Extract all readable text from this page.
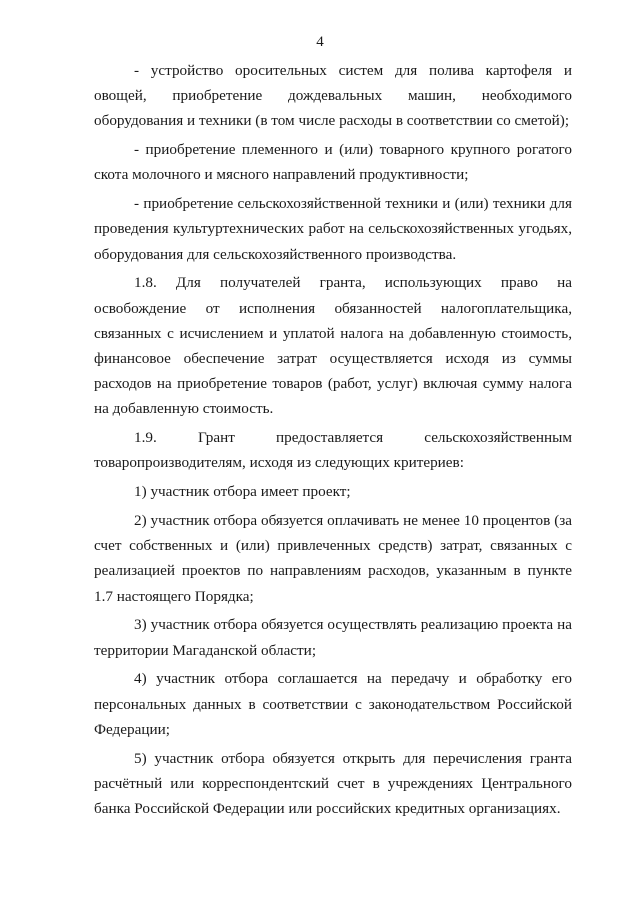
4

- устройство оросительных систем для полива картофеля и овощей, приобретение дождевальных машин, необходимого оборудования и техники (в том числе расходы в соответствии со сметой);

- приобретение племенного и (или) товарного крупного рогатого скота молочного и мясного направлений продуктивности;

- приобретение сельскохозяйственной техники и (или) техники для проведения культуртехнических работ на сельскохозяйственных угодьях, оборудования для сельскохозяйственного производства.

1.8. Для получателей гранта, использующих право на освобождение от исполнения обязанностей налогоплательщика, связанных с исчислением и уплатой налога на добавленную стоимость, финансовое обеспечение затрат осуществляется исходя из суммы расходов на приобретение товаров (работ, услуг) включая сумму налога на добавленную стоимость.

1.9. Грант предоставляется сельскохозяйственным товаропроизводителям, исходя из следующих критериев:

1) участник отбора имеет проект;

2) участник отбора обязуется оплачивать не менее 10 процентов (за счет собственных и (или) привлеченных средств) затрат, связанных с реализацией проектов по направлениям расходов, указанным в пункте 1.7 настоящего Порядка;

3) участник отбора обязуется осуществлять реализацию проекта на территории Магаданской области;

4) участник отбора соглашается на передачу и обработку его персональных данных в соответствии с законодательством Российской Федерации;

5) участник отбора обязуется открыть для перечисления гранта расчётный или корреспондентский счет в учреждениях Центрального банка Российской Федерации или российских кредитных организациях.
